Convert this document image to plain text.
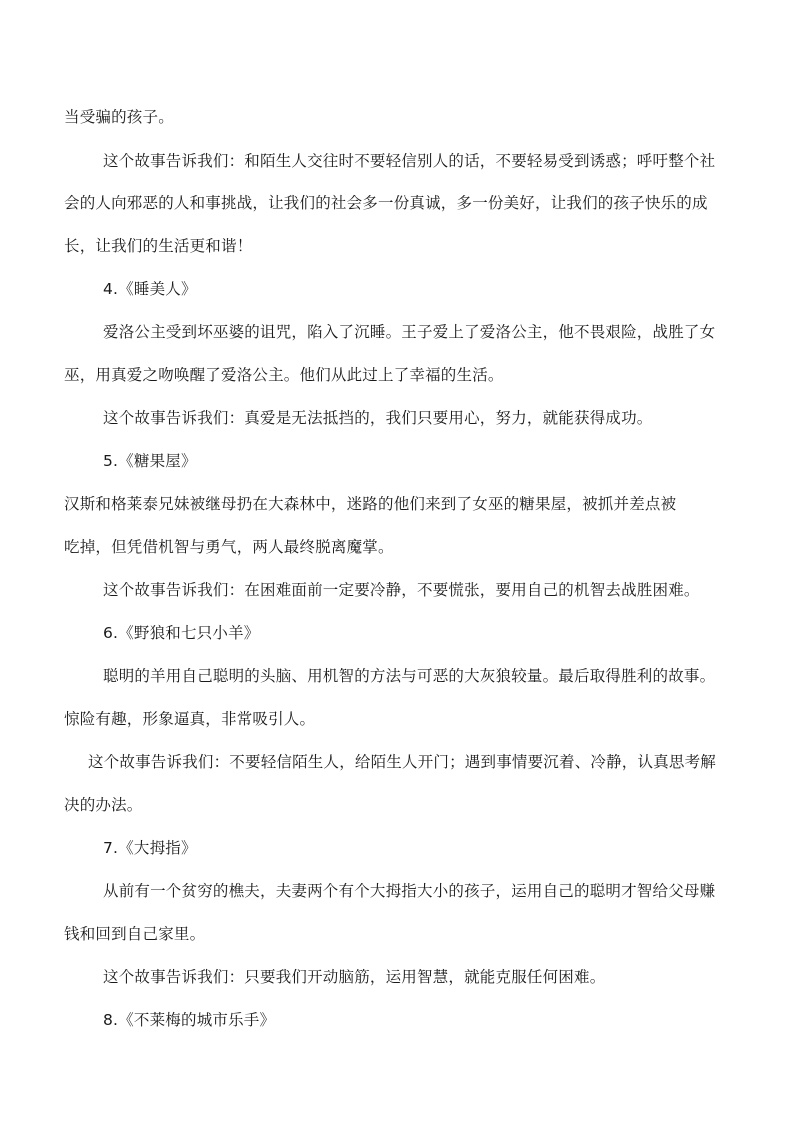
当受骗的孩子。
这个故事告诉我们：和陌生人交往时不要轻信别人的话，不要轻易受到诱惑；呼吁整个社
会的人向邪恶的人和事挑战，让我们的社会多一份真诚，多一份美好，让我们的孩子快乐的成
长，让我们的生活更和谐！
4.《睡美人》
爱洛公主受到坏巫婆的诅咒，陷入了沉睡。王子爱上了爱洛公主，他不畏艰险，战胜了女
巫，用真爱之吻唤醒了爱洛公主。他们从此过上了幸福的生活。
这个故事告诉我们：真爱是无法抵挡的，我们只要用心，努力，就能获得成功。
5.《糖果屋》
汉斯和格莱泰兄妹被继母扔在大森林中，迷路的他们来到了女巫的糖果屋，被抓并差点被
吃掉，但凭借机智与勇气，两人最终脱离魔掌。
这个故事告诉我们：在困难面前一定要冷静，不要慌张，要用自己的机智去战胜困难。
6.《野狼和七只小羊》
聪明的羊用自己聪明的头脑、用机智的方法与可恶的大灰狼较量。最后取得胜利的故事。
惊险有趣，形象逼真，非常吸引人。
这个故事告诉我们：不要轻信陌生人，给陌生人开门；遇到事情要沉着、冷静，认真思考解
决的办法。
7.《大拇指》
从前有一个贫穷的樵夫，夫妻两个有个大拇指大小的孩子，运用自己的聪明才智给父母赚
钱和回到自己家里。
这个故事告诉我们：只要我们开动脑筋，运用智慧，就能克服任何困难。
8.《不莱梅的城市乐手》
